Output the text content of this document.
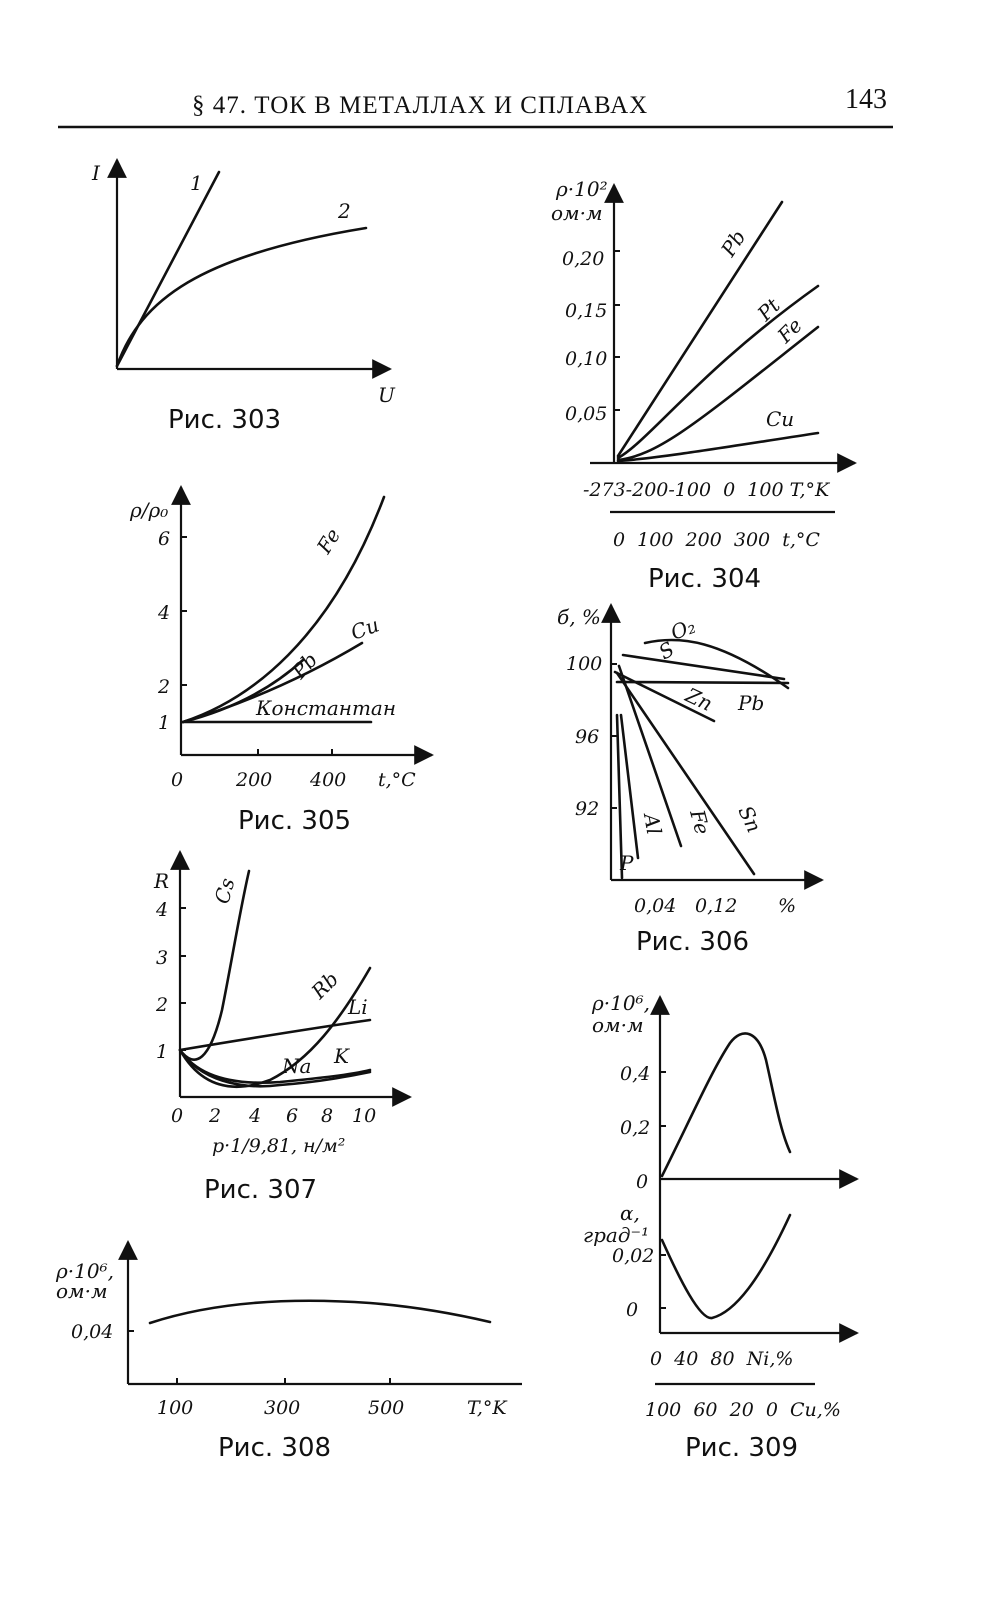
§ 47. ТОК В МЕТАЛЛАХ И СПЛАВАХ	143
I
U
1
2
Рис. 303
ρ·10²,
ом·м
0,20
0,15
0,10
0,05
-273-200-100  0  100 T,°K
0  100  200  300  t,°C
Pb
Pt
Fe
Cu
Рис. 304
ρ/ρ₀
6
4
2
1
0	200 400 t,°C
Fe
Pb
Cu
Константан
Рис. 305
б, %
100
96
92
0,04 0,12 %
O₂
S
Zn Pb
Al Fe Sn
P
Рис. 306
R
4
3
2
1
0 2 4 6 8 10
p·1/9,81, н/м²
Cs
Rb
Li
Na K
Рис. 307
ρ·10⁶,
ом·м
0,04
100	300	500	T,°K
Рис. 308
ρ·10⁶,
ом·м
0,4
0,2
0
α,
град⁻¹
0,02
0
0  40  80  Ni,%
100  60  20  0  Cu,%
Рис. 309
